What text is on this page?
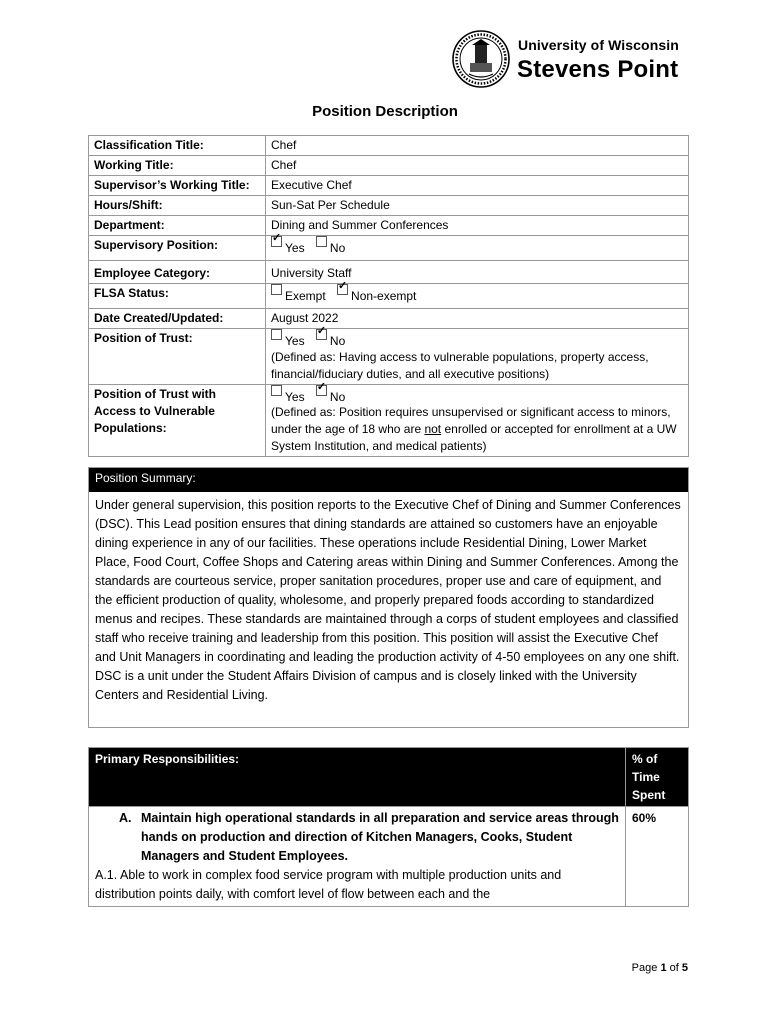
University of Wisconsin
Stevens Point
Position Description
Classification Title:	Chef
Working Title:	Chef
Supervisor’s Working Title:	Executive Chef
Hours/Shift:	Sun-Sat Per Schedule
Department:	Dining and Summer Conferences
Supervisory Position:	✓Yes No
Employee Category:	University Staff
FLSA Status:	Exempt ✓ Non-exempt
Date Created/Updated:	August 2022
Position of Trust:	Yes ✓ No
(Defined as: Having access to vulnerable populations, property access, financial/fiduciary duties, and all executive positions)

Position of Trust with Access to Vulnerable Populations:	Yes ✓ No
(Defined as: Position requires unsupervised or significant access to minors, under the age of 18 who are not enrolled or accepted for enrollment at a UW System Institution, and medical patients)
Position Summary:
Under general supervision, this position reports to the Executive Chef of Dining and Summer Conferences (DSC). This Lead position ensures that dining standards are attained so customers have an enjoyable dining experience in any of our facilities. These operations include Residential Dining, Lower Market Place, Food Court, Coffee Shops and Catering areas within Dining and Summer Conferences. Among the standards are courteous service, proper sanitation procedures, proper use and care of equipment, and the efficient production of quality, wholesome, and properly prepared foods according to standardized menus and recipes. These standards are maintained through a corps of student employees and classified staff who receive training and leadership from this position. This position will assist the Executive Chef and Unit Managers in coordinating and leading the production activity of 4-50 employees on any one shift. DSC is a unit under the Student Affairs Division of campus and is closely linked with the University Centers and Residential Living.
Primary Responsibilities:	% of Time Spent

A. Maintain high operational standards in all preparation and service areas through hands on production and direction of Kitchen Managers, Cooks, Student Managers and Student Employees.

A.1. Able to work in complex food service program with multiple production units and distribution points daily, with comfort level of flow between each and the	60%
Page 1 of 5
